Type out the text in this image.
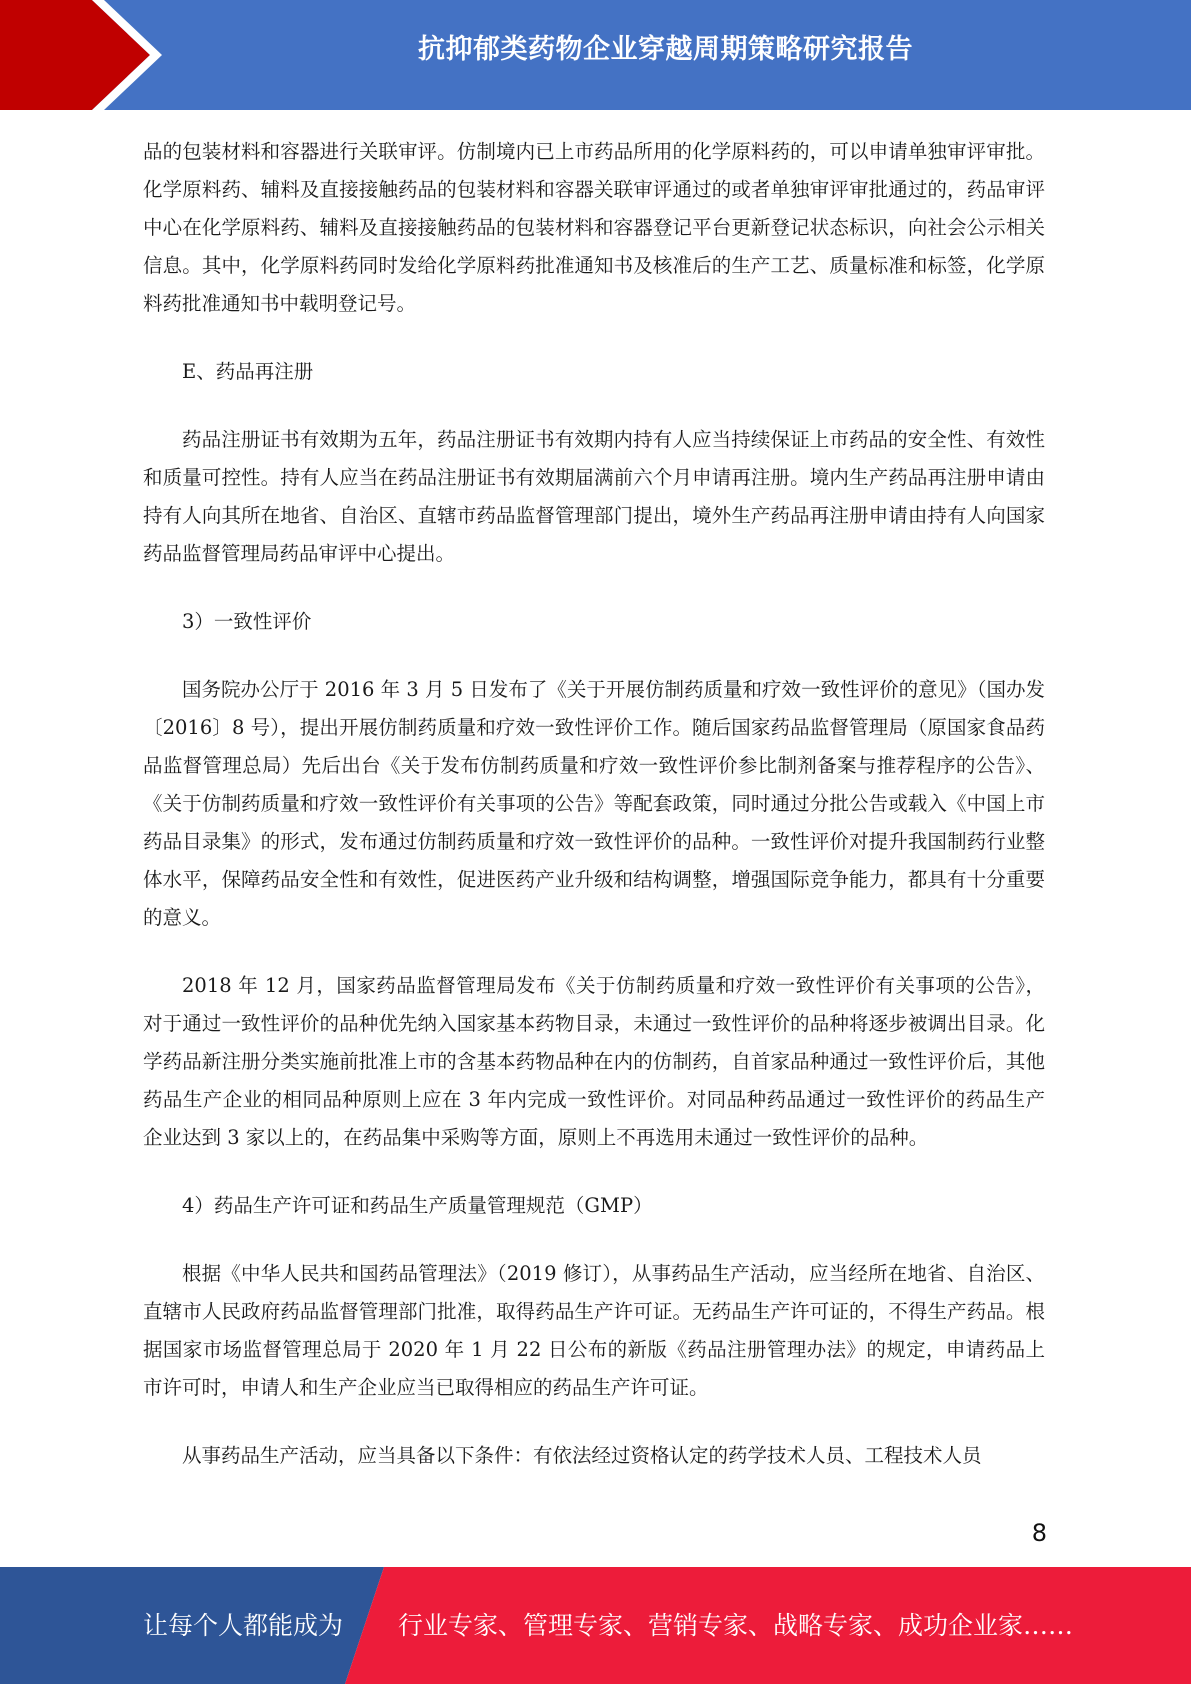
抗抑郁类药物企业穿越周期策略研究报告

品的包装材料和容器进行关联审评。仿制境内已上市药品所用的化学原料药的，可以申请单独审评审批。化学原料药、辅料及直接接触药品的包装材料和容器关联审评通过的或者单独审评审批通过的，药品审评中心在化学原料药、辅料及直接接触药品的包装材料和容器登记平台更新登记状态标识，向社会公示相关信息。其中，化学原料药同时发给化学原料药批准通知书及核准后的生产工艺、质量标准和标签，化学原料药批准通知书中载明登记号。

E、药品再注册

药品注册证书有效期为五年，药品注册证书有效期内持有人应当持续保证上市药品的安全性、有效性和质量可控性。持有人应当在药品注册证书有效期届满前六个月申请再注册。境内生产药品再注册申请由持有人向其所在地省、自治区、直辖市药品监督管理部门提出，境外生产药品再注册申请由持有人向国家药品监督管理局药品审评中心提出。

3）一致性评价

国务院办公厅于 2016 年 3 月 5 日发布了《关于开展仿制药质量和疗效一致性评价的意见》（国办发〔2016〕8 号），提出开展仿制药质量和疗效一致性评价工作。随后国家药品监督管理局（原国家食品药品监督管理总局）先后出台《关于发布仿制药质量和疗效一致性评价参比制剂备案与推荐程序的公告》、《关于仿制药质量和疗效一致性评价有关事项的公告》等配套政策，同时通过分批公告或载入《中国上市药品目录集》的形式，发布通过仿制药质量和疗效一致性评价的品种。一致性评价对提升我国制药行业整体水平，保障药品安全性和有效性，促进医药产业升级和结构调整，增强国际竞争能力，都具有十分重要的意义。

2018 年 12 月，国家药品监督管理局发布《关于仿制药质量和疗效一致性评价有关事项的公告》，对于通过一致性评价的品种优先纳入国家基本药物目录，未通过一致性评价的品种将逐步被调出目录。化学药品新注册分类实施前批准上市的含基本药物品种在内的仿制药，自首家品种通过一致性评价后，其他药品生产企业的相同品种原则上应在 3 年内完成一致性评价。对同品种药品通过一致性评价的药品生产企业达到 3 家以上的，在药品集中采购等方面，原则上不再选用未通过一致性评价的品种。

4）药品生产许可证和药品生产质量管理规范（GMP）

根据《中华人民共和国药品管理法》（2019 修订），从事药品生产活动，应当经所在地省、自治区、直辖市人民政府药品监督管理部门批准，取得药品生产许可证。无药品生产许可证的，不得生产药品。根据国家市场监督管理总局于 2020 年 1 月 22 日公布的新版《药品注册管理办法》的规定，申请药品上市许可时，申请人和生产企业应当已取得相应的药品生产许可证。

从事药品生产活动，应当具备以下条件：有依法经过资格认定的药学技术人员、工程技术人员

8
让每个人都能成为 行业专家、管理专家、营销专家、战略专家、成功企业家……
